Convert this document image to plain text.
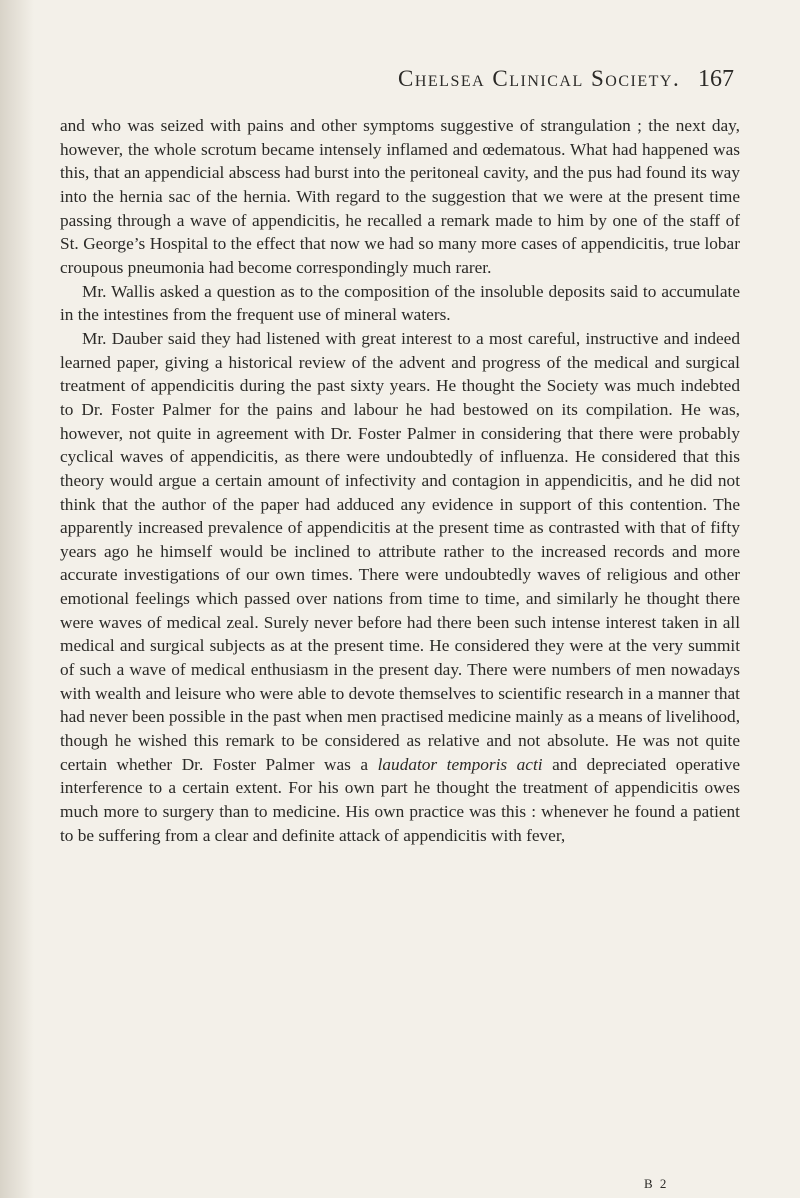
Chelsea Clinical Society. 167

and who was seized with pains and other symptoms suggestive of strangulation ; the next day, however, the whole scrotum became intensely inflamed and œdematous. What had happened was this, that an appendicial abscess had burst into the peritoneal cavity, and the pus had found its way into the hernia sac of the hernia. With regard to the suggestion that we were at the present time passing through a wave of appendicitis, he recalled a remark made to him by one of the staff of St. George’s Hospital to the effect that now we had so many more cases of appendicitis, true lobar croupous pneumonia had become correspondingly much rarer.

Mr. Wallis asked a question as to the composition of the insoluble deposits said to accumulate in the intestines from the frequent use of mineral waters.

Mr. Dauber said they had listened with great interest to a most careful, instructive and indeed learned paper, giving a historical review of the advent and progress of the medical and surgical treatment of appendicitis during the past sixty years. He thought the Society was much indebted to Dr. Foster Palmer for the pains and labour he had bestowed on its compilation. He was, however, not quite in agreement with Dr. Foster Palmer in considering that there were probably cyclical waves of appendicitis, as there were undoubtedly of influenza. He considered that this theory would argue a certain amount of infectivity and contagion in appendicitis, and he did not think that the author of the paper had adduced any evidence in support of this contention. The apparently increased prevalence of appendicitis at the present time as contrasted with that of fifty years ago he himself would be inclined to attribute rather to the increased records and more accurate investigations of our own times. There were undoubtedly waves of religious and other emotional feelings which passed over nations from time to time, and similarly he thought there were waves of medical zeal. Surely never before had there been such intense interest taken in all medical and surgical subjects as at the present time. He considered they were at the very summit of such a wave of medical enthusiasm in the present day. There were numbers of men nowadays with wealth and leisure who were able to devote themselves to scientific research in a manner that had never been possible in the past when men practised medicine mainly as a means of livelihood, though he wished this remark to be considered as relative and not absolute. He was not quite certain whether Dr. Foster Palmer was a laudator temporis acti and depreciated operative interference to a certain extent. For his own part he thought the treatment of appendicitis owes much more to surgery than to medicine. His own practice was this : whenever he found a patient to be suffering from a clear and definite attack of appendicitis with fever,

B 2
